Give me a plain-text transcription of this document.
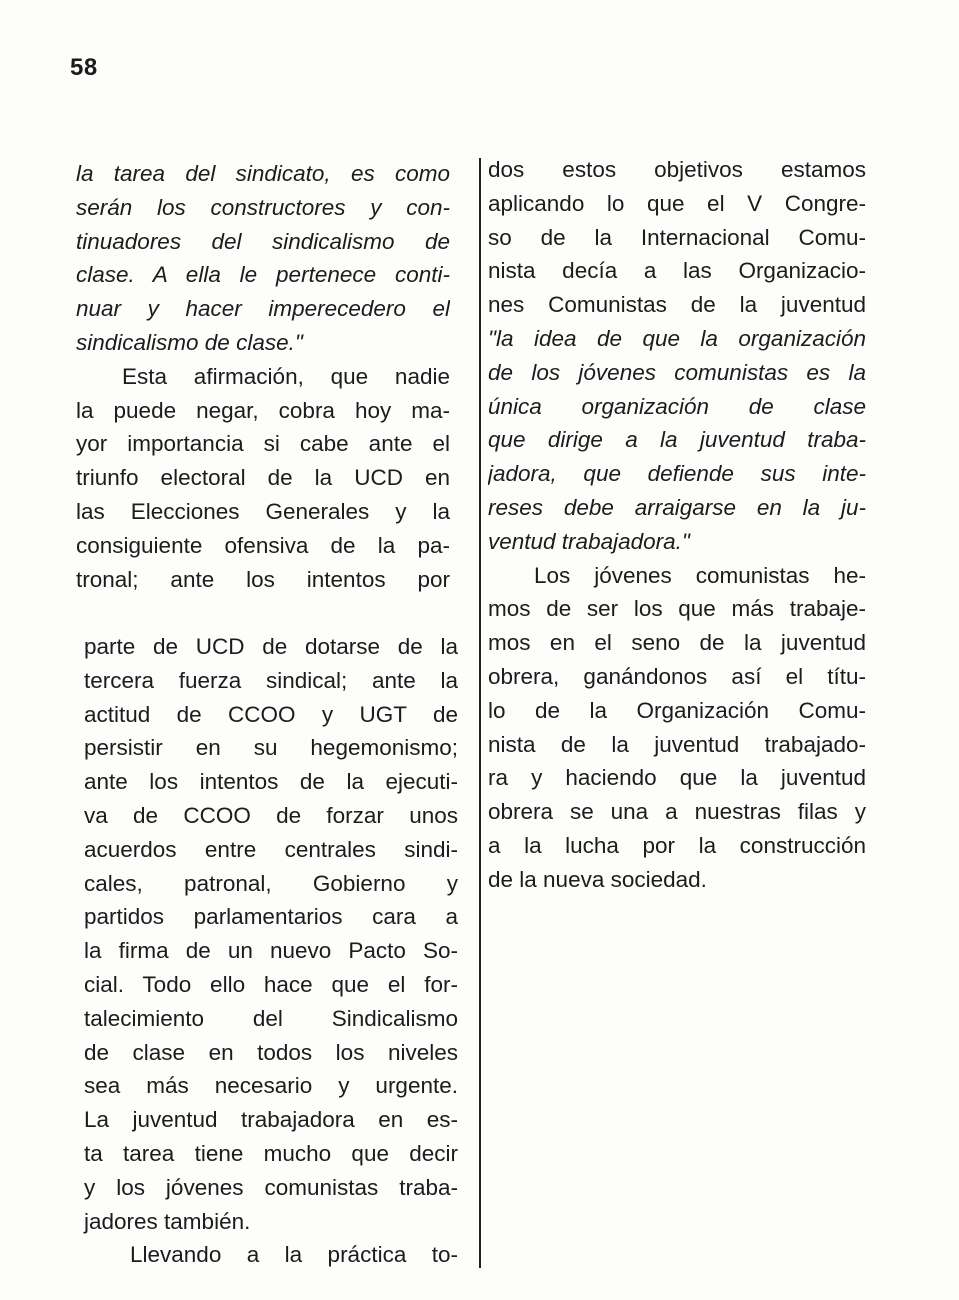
58
la tarea del sindicato, es como
serán los constructores y con-
tinuadores del sindicalismo de
clase. A ella le pertenece conti-
nuar y hacer imperecedero el
sindicalismo de clase."
Esta afirmación, que nadie
la puede negar, cobra hoy ma-
yor importancia si cabe ante el
triunfo electoral de la UCD en
las Elecciones Generales y la
consiguiente ofensiva de la pa-
tronal; ante los intentos por
parte de UCD de dotarse de la
tercera fuerza sindical; ante la
actitud de CCOO y UGT de
persistir en su hegemonismo;
ante los intentos de la ejecuti-
va de CCOO de forzar unos
acuerdos entre centrales sindi-
cales, patronal, Gobierno y
partidos parlamentarios cara a
la firma de un nuevo Pacto So-
cial. Todo ello hace que el for-
talecimiento del Sindicalismo
de clase en todos los niveles
sea más necesario y urgente.
La juventud trabajadora en es-
ta tarea tiene mucho que decir
y los jóvenes comunistas traba-
jadores también.
Llevando a la práctica to-
dos estos objetivos estamos
aplicando lo que el V Congre-
so de la Internacional Comu-
nista decía a las Organizacio-
nes Comunistas de la juventud
"la idea de que la organización
de los jóvenes comunistas es la
única organización de clase
que dirige a la juventud traba-
jadora, que defiende sus inte-
reses debe arraigarse en la ju-
ventud trabajadora."
Los jóvenes comunistas he-
mos de ser los que más trabaje-
mos en el seno de la juventud
obrera, ganándonos así el títu-
lo de la Organización Comu-
nista de la juventud trabajado-
ra y haciendo que la juventud
obrera se una a nuestras filas y
a la lucha por la construcción
de la nueva sociedad.
